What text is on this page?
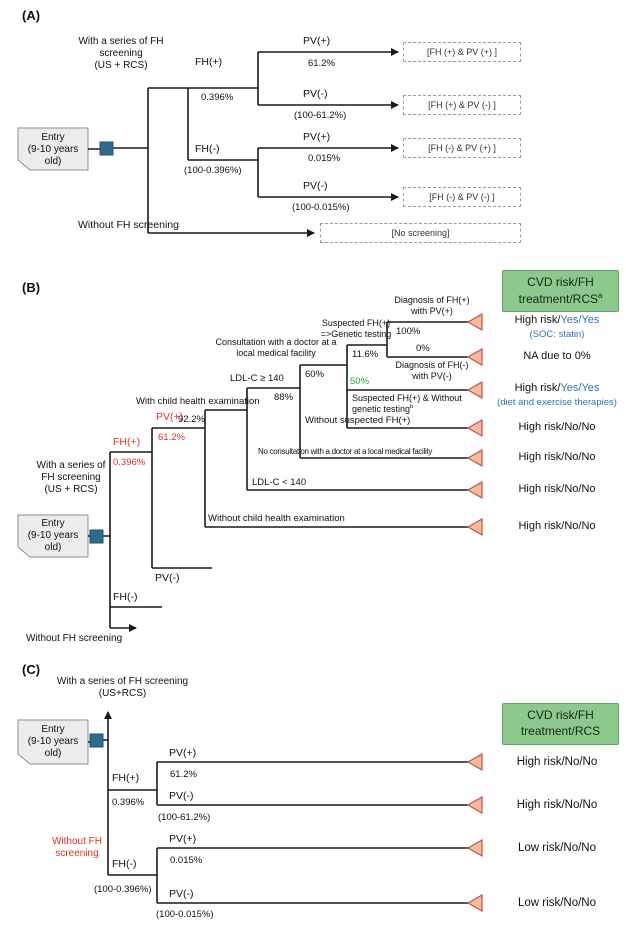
(A)
With a series of FH
screening
(US + RCS)
Entry
(9-10 years
old)
FH(+)
0.396%
PV(+)
61.2%
PV(-)
(100-61.2%)
FH(-)
(100-0.396%)
PV(+)
0.015%
PV(-)
(100-0.015%)
Without FH screening
[FH (+) & PV (+) ]
[FH (+) & PV (-) ]
[FH (-) & PV (+) ]
[FH (-) & PV (-) ]
[No screening]
(B)	CVD risk/FH
treatment/RCS$^a$
With a series of
FH screening
(US + RCS)
Entry
(9-10 years
old)
FH(+)
0.396%
PV(+)
61.2%
PV(-)
FH(-)
Without FH screening
With child health examination
92.2%
Without child health examination
LDL-C ≥ 140
88%
LDL-C < 140
Consultation with a doctor at a
local medical facility
60%
No consultation with a doctor at a local medical facility
Suspected FH(+)
=>Genetic testing
11.6%
Diagnosis of FH(+)
with PV(+)
100%
0%
Diagnosis of FH(-)
with PV(-)
50%
Suspected FH(+) & Without
genetic testing$^b$
Without suspected FH(+)
High risk/Yes/Yes
(SOC: statin)
NA due to 0%
High risk/Yes/Yes
(diet and exercise therapies)
High risk/No/No
High risk/No/No
High risk/No/No
High risk/No/No
(C)
With a series of FH screening
(US+RCS)
Entry
(9-10 years
old)
CVD risk/FH
treatment/RCS
FH(+)
0.396%
PV(+)
61.2%
PV(-)
(100-61.2%)
Without FH
screening
FH(-)
(100-0.396%)
PV(+)
0.015%
PV(-)
(100-0.015%)
High risk/No/No
High risk/No/No
Low risk/No/No
Low risk/No/No
